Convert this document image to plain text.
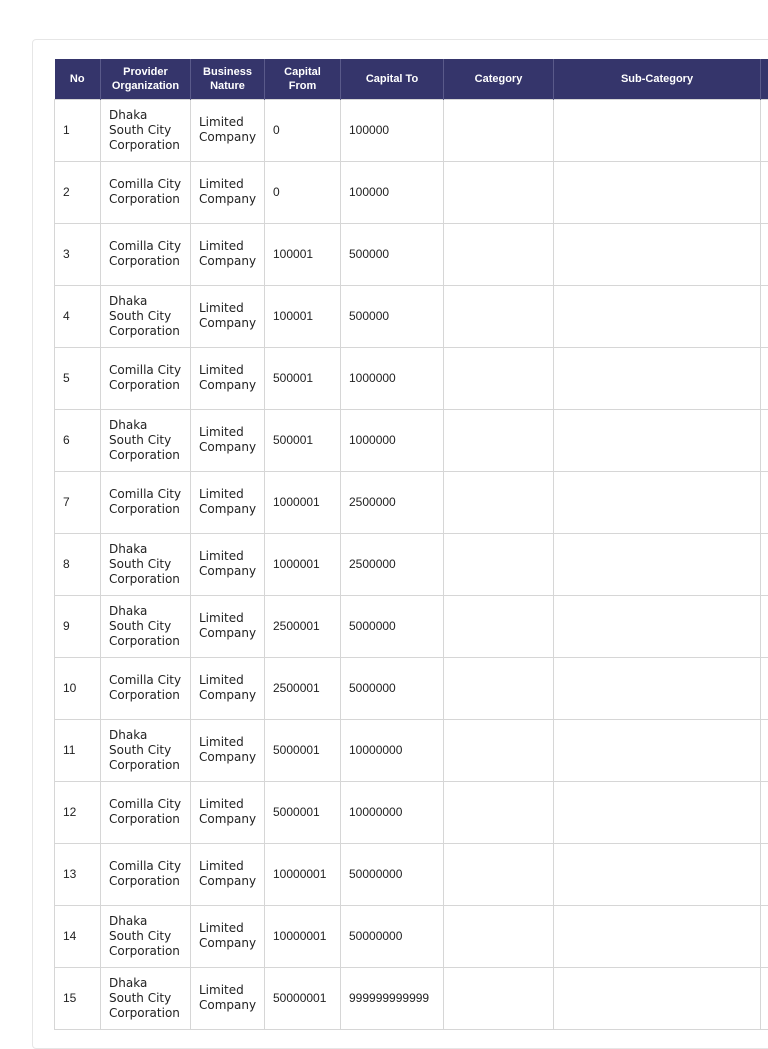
No	Provider Organization	Business Nature	Capital From	Capital To	Category	Sub-Category	
1	Dhaka South City Corporation	Limited Company	0	100000			
2	Comilla City Corporation	Limited Company	0	100000			
3	Comilla City Corporation	Limited Company	100001	500000			
4	Dhaka South City Corporation	Limited Company	100001	500000			
5	Comilla City Corporation	Limited Company	500001	1000000			
6	Dhaka South City Corporation	Limited Company	500001	1000000			
7	Comilla City Corporation	Limited Company	1000001	2500000			
8	Dhaka South City Corporation	Limited Company	1000001	2500000			
9	Dhaka South City Corporation	Limited Company	2500001	5000000			
10	Comilla City Corporation	Limited Company	2500001	5000000			
11	Dhaka South City Corporation	Limited Company	5000001	10000000			
12	Comilla City Corporation	Limited Company	5000001	10000000			
13	Comilla City Corporation	Limited Company	10000001	50000000			
14	Dhaka South City Corporation	Limited Company	10000001	50000000			
15	Dhaka South City Corporation	Limited Company	50000001	999999999999			
